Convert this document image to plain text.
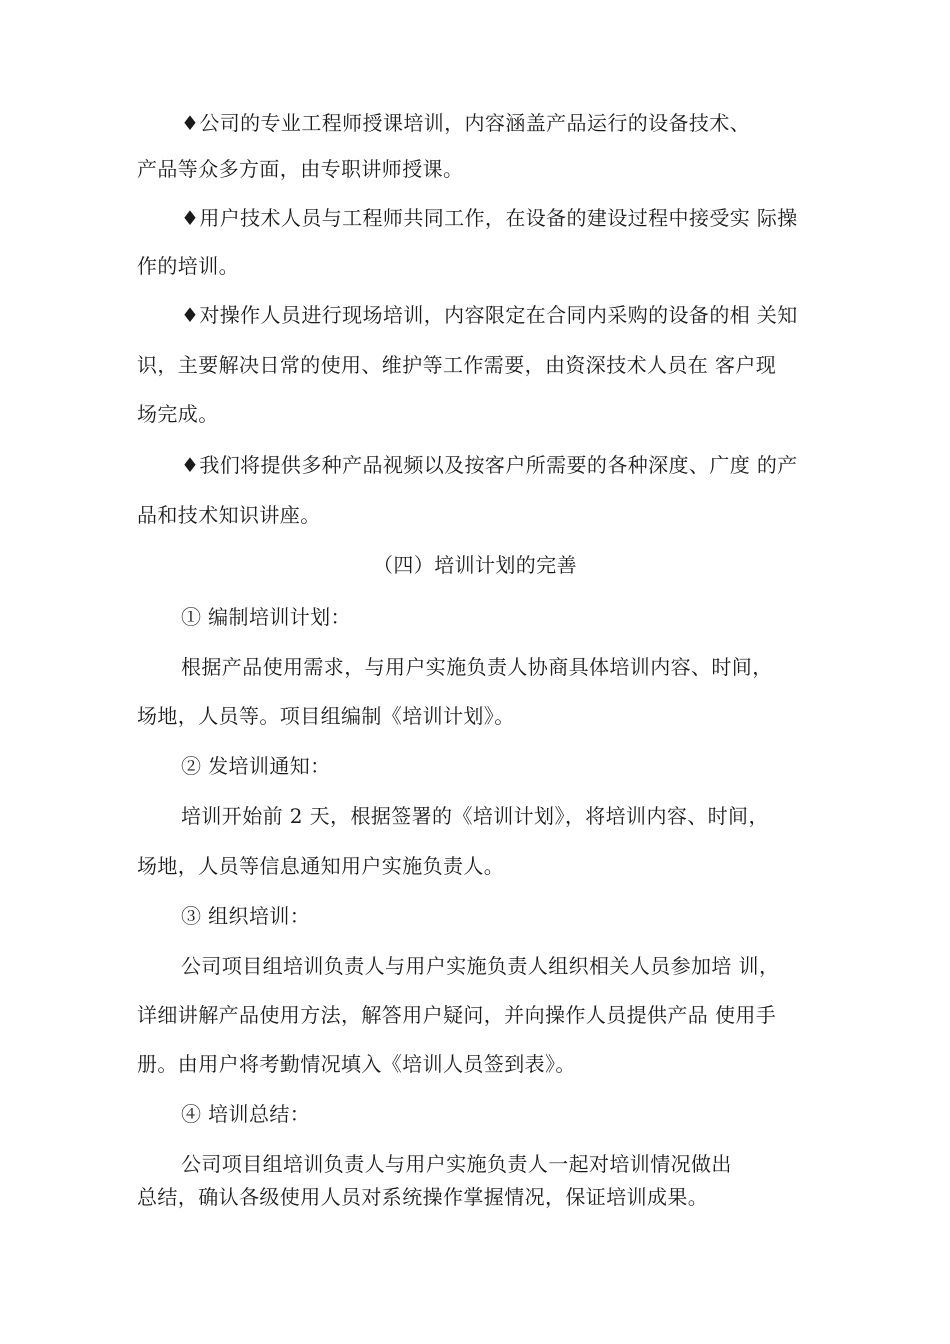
♦公司的专业工程师授课培训，内容涵盖产品运行的设备技术、
产品等众多方面，由专职讲师授课。
♦用户技术人员与工程师共同工作，在设备的建设过程中接受实 际操
作的培训。
♦对操作人员进行现场培训，内容限定在合同内采购的设备的相 关知
识，主要解决日常的使用、维护等工作需要，由资深技术人员在 客户现
场完成。
♦我们将提供多种产品视频以及按客户所需要的各种深度、广度 的产
品和技术知识讲座。
（四）培训计划的完善
① 编制培训计划：
根据产品使用需求，与用户实施负责人协商具体培训内容、时间，
场地，人员等。项目组编制《培训计划》。
② 发培训通知：
培训开始前 2 天，根据签署的《培训计划》，将培训内容、时间，
场地，人员等信息通知用户实施负责人。
③ 组织培训：
公司项目组培训负责人与用户实施负责人组织相关人员参加培 训，
详细讲解产品使用方法，解答用户疑问，并向操作人员提供产品 使用手
册。由用户将考勤情况填入《培训人员签到表》。
④ 培训总结：
公司项目组培训负责人与用户实施负责人一起对培训情况做出
总结，确认各级使用人员对系统操作掌握情况，保证培训成果。
